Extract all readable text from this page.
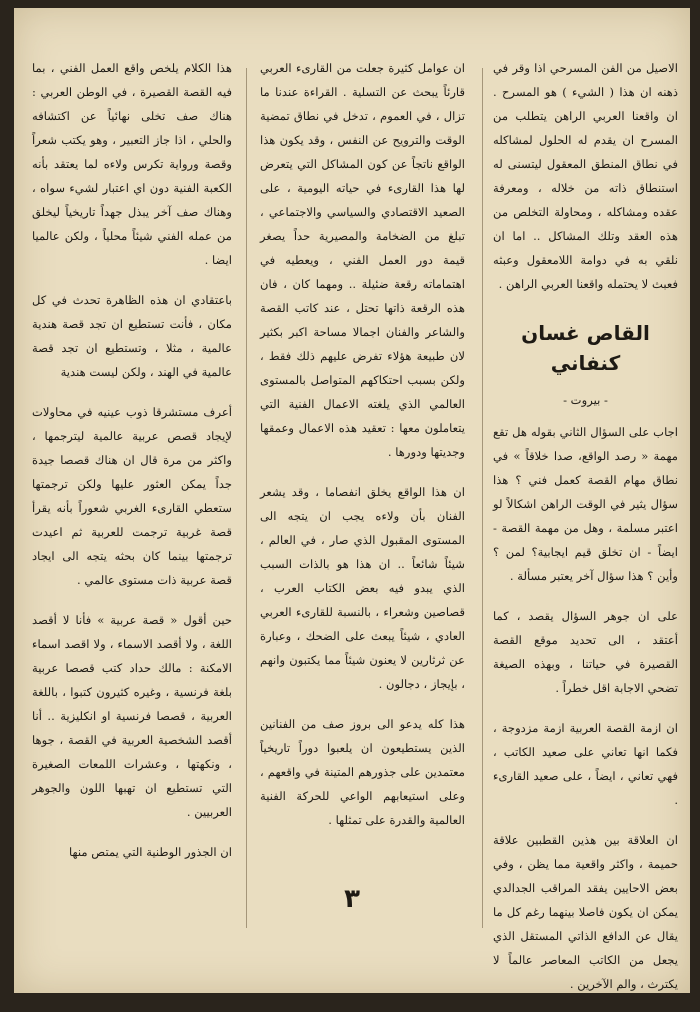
الاصيل من الفن المسرحي اذا وقر في ذهنه ان هذا ( الشيء ) هو المسرح . ان واقعنا العربي الراهن يتطلب من المسرح ان يقدم له الحلول لمشاكله في نطاق المنطق المعقول ليتسنى له استنطاق ذاته من خلاله ، ومعرفة عقده ومشاكله ، ومحاولة التخلص من هذه العقد وتلك المشاكل .. اما ان نلقي به في دوامة اللامعقول وعبثه فعبث لا يحتمله واقعنا العربي الراهن .

القاص غسان كنفاني
- بيروت -

اجاب على السؤال الثاني بقوله هل تقع مهمة « رصد الواقع، صدا خلاقاً » في نطاق مهام القصة كعمل فني ؟ هذا سؤال يثير في الوقت الراهن اشكالاً لو اعتبر مسلمة ، وهل من مهمة القصة - ايضاً - ان تخلق قيم ايجابية؟ لمن ؟ وأين ؟ هذا سؤال آخر يعتبر مسألة .

على ان جوهر السؤال يقصد ، كما أعتقد ، الى تحديد موقع القصة القصيرة في حياتنا ، وبهذه الصيغة تضحي الاجابة اقل خطراً .

ان ازمة القصة العربية ازمة مزدوجة ، فكما انها تعاني على صعيد الكاتب ، فهي تعاني ، ايضاً ، على صعيد القارىء .

ان العلاقة بين هذين القطبين علاقة حميمة ، واكثر واقعية مما يظن ، وفي بعض الاحايين يفقد المراقب الجدالدي يمكن ان يكون فاصلا بينهما رغم كل ما يقال عن الدافع الذاتي المستقل الذي يجعل من الكاتب المعاصر عالماً لا يكترث ، والم الآخرين .

ان عوامل كثيرة جعلت من القارىء العربي قارئاً يبحث عن التسلية . القراءة عندنا ما تزال ، في العموم ، تدخل في نطاق تمضية الوقت والترويح عن النفس ، وقد يكون هذا الواقع ناتجاً عن كون المشاكل التي يتعرض لها هذا القارىء في حياته اليومية ، على الصعيد الاقتصادي والسياسي والاجتماعي ، تبلغ من الضخامة والمصيرية حداً يصغر قيمة دور العمل الفني ، ويعطيه في اهتماماته رقعة ضئيلة .. ومهما كان ، فان هذه الرقعة ذاتها تحتل ، عند كاتب القصة والشاعر والفنان اجمالا مساحة اكبر بكثير لان طبيعة هؤلاء تفرض عليهم ذلك فقط ، ولكن بسبب احتكاكهم المتواصل بالمستوى العالمي الذي يلغته الاعمال الفنية التي يتعاملون معها : تعقيد هذه الاعمال وعمقها وجديتها ودورها .

ان هذا الواقع يخلق انفصاما ، وقد يشعر الفنان بأن ولاءه يجب ان يتجه الى المستوى المقبول الذي صار ، في العالم ، شيئاً شائعاً .. ان هذا هو بالذات السبب الذي يبدو فيه بعض الكتاب العرب ، قصاصين وشعراء ، بالنسبة للقارىء العربي العادي ، شيئاً يبعث على الضحك ، وعبارة عن ثرثارين لا يعنون شيئاً مما يكتبون وانهم ، بإيجاز ، دجالون .

هذا كله يدعو الى بروز صف من الفنانين الذين يستطيعون ان يلعبوا دوراً تاريخياً معتمدين على جذورهم المتينة في واقعهم ، وعلى استيعابهم الواعي للحركة الفنية العالمية والقدرة على تمثلها .

هذا الكلام يلخص واقع العمل الفني ، بما فيه القصة القصيرة ، في الوطن العربي : هناك صف تخلى نهائياً عن اكتشافه والحلي ، اذا جاز التعبير ، وهو يكتب شعراً وقصة ورواية تكرس ولاءه لما يعتقد بأنه الكعبة الفنية دون اي اعتبار لشيء سواه ، وهناك صف آخر يبذل جهداً تاريخياً ليخلق من عمله الفني شيئاً محلياً ، ولكن عالميا ايضا .

باعتقادي ان هذه الظاهرة تحدث في كل مكان ، فأنت تستطيع ان تجد قصة هندية عالمية ، مثلا ، وتستطيع ان تجد قصة عالمية في الهند ، ولكن ليست هندية

أعرف مستشرقا ذوب عينيه في محاولات لإيجاد قصص عربية عالمية ليترجمها ، واكثر من مرة قال ان هناك قصصا جيدة جداً يمكن العثور عليها ولكن ترجمتها ستعطي القارىء الغربي شعوراً بأنه يقرأ قصة غربية ترجمت للعربية ثم اعيدت ترجمتها بينما كان بحثه يتجه الى ايجاد قصة عربية ذات مستوى عالمي .

حين أقول « قصة عربية » فأنا لا أقصد اللغة ، ولا أقصد الاسماء ، ولا اقصد اسماء الامكنة : مالك حداد كتب قصصا عربية بلغة فرنسية ، وغيره كثيرون كتبوا ، باللغة العربية ، قصصا فرنسية او انكليزية .. أنا أقصد الشخصية العربية في القصة ، جوها ، ونكهتها ، وعشرات اللمعات الصغيرة التي تستطيع ان تهبها اللون والجوهر العربيين .

ان الجذور الوطنية التي يمتص منها

٣
